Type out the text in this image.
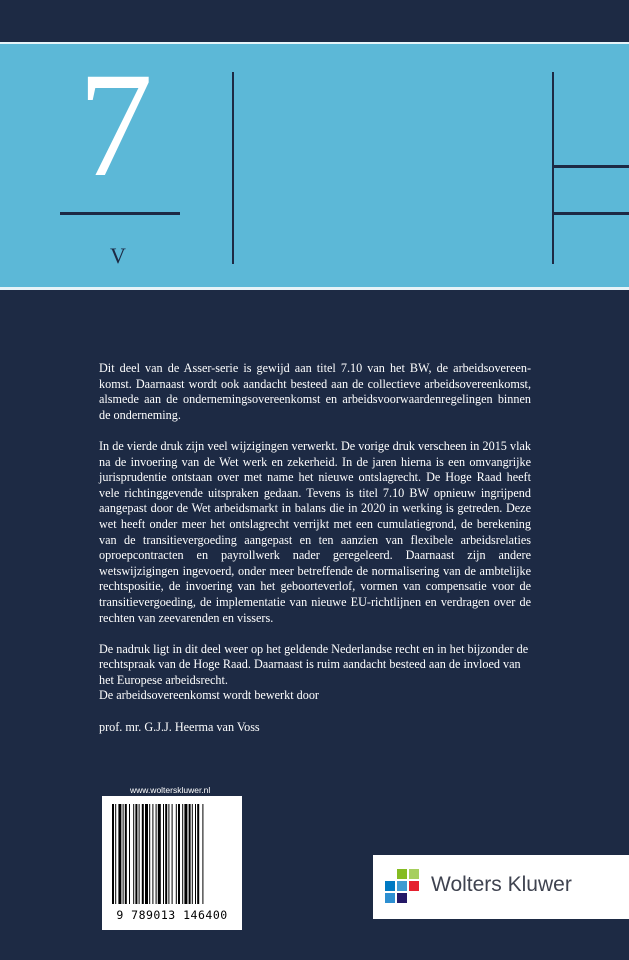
7
V

Dit deel van de Asser-serie is gewijd aan titel 7.10 van het BW, de arbeidsovereenkomst. Daarnaast wordt ook aandacht besteed aan de collectieve arbeidsovereenkomst, alsmede aan de ondernemingsovereenkomst en arbeidsvoorwaardenregelingen binnen de onderneming.

In de vierde druk zijn veel wijzigingen verwerkt. De vorige druk verscheen in 2015 vlak na de invoering van de Wet werk en zekerheid. In de jaren hierna is een omvangrijke jurisprudentie ontstaan over met name het nieuwe ontslagrecht. De Hoge Raad heeft vele richtinggevende uitspraken gedaan. Tevens is titel 7.10 BW opnieuw ingrijpend aangepast door de Wet arbeidsmarkt in balans die in 2020 in werking is getreden. Deze wet heeft onder meer het ontslagrecht verrijkt met een cumulatiegrond, de berekening van de transitievergoeding aangepast en ten aanzien van flexibele arbeidsrelaties oproepcontracten en payrollwerk nader geregeleerd. Daarnaast zijn andere wetswijzigingen ingevoerd, onder meer betreffende de normalisering van de ambtelijke rechtspositie, de invoering van het geboorteverlof, vormen van compensatie voor de transitievergoeding, de implementatie van nieuwe EU-richtlijnen en verdragen over de rechten van zeevarenden en vissers.

De nadruk ligt in dit deel weer op het geldende Nederlandse recht en in het bijzonder de rechtspraak van de Hoge Raad. Daarnaast is ruim aandacht besteed aan de invloed van het Europese arbeidsrecht.

De arbeidsovereenkomst wordt bewerkt door

prof. mr. G.J.J. Heerma van Voss

www.wolterskluwer.nl
9 789013 146400
Wolters Kluwer
